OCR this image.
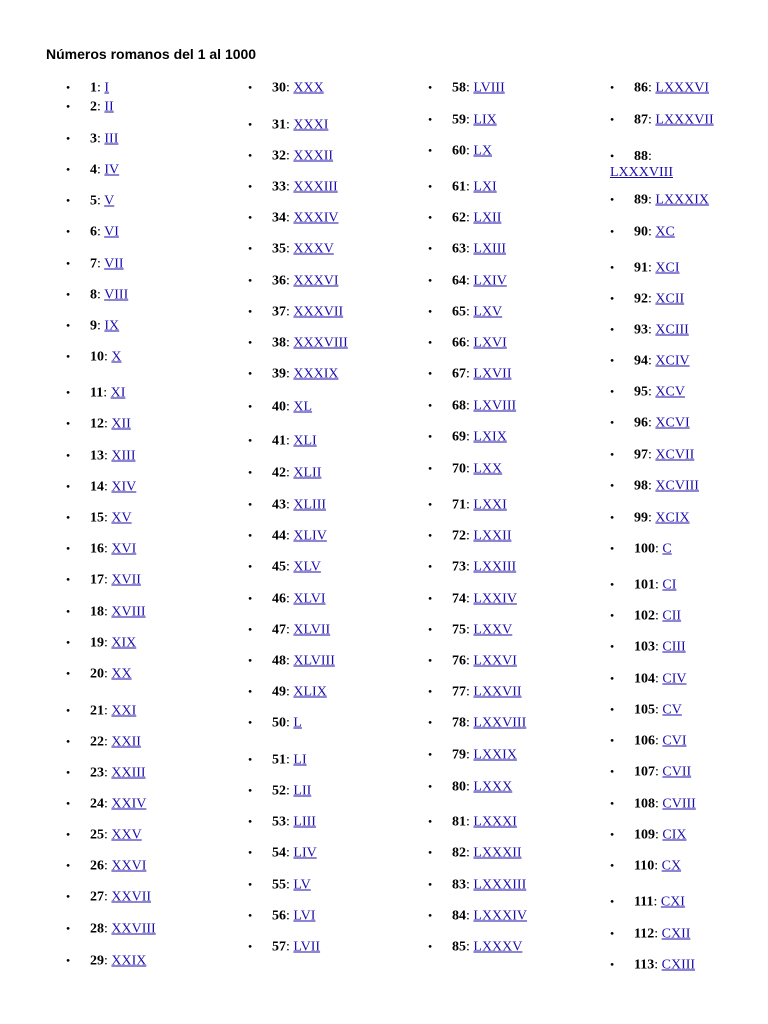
Números romanos del 1 al 1000
• 1: I
• 2: II
• 3: III
• 4: IV
• 5: V
• 6: VI
• 7: VII
• 8: VIII
• 9: IX
• 10: X
• 11: XI
• 12: XII
• 13: XIII
• 14: XIV
• 15: XV
• 16: XVI
• 17: XVII
• 18: XVIII
• 19: XIX
• 20: XX
• 21: XXI
• 22: XXII
• 23: XXIII
• 24: XXIV
• 25: XXV
• 26: XXVI
• 27: XXVII
• 28: XXVIII
• 29: XXIX
• 30: XXX
• 31: XXXI
• 32: XXXII
• 33: XXXIII
• 34: XXXIV
• 35: XXXV
• 36: XXXVI
• 37: XXXVII
• 38: XXXVIII
• 39: XXXIX
• 40: XL
• 41: XLI
• 42: XLII
• 43: XLIII
• 44: XLIV
• 45: XLV
• 46: XLVI
• 47: XLVII
• 48: XLVIII
• 49: XLIX
• 50: L
• 51: LI
• 52: LII
• 53: LIII
• 54: LIV
• 55: LV
• 56: LVI
• 57: LVII
• 58: LVIII
• 59: LIX
• 60: LX
• 61: LXI
• 62: LXII
• 63: LXIII
• 64: LXIV
• 65: LXV
• 66: LXVI
• 67: LXVII
• 68: LXVIII
• 69: LXIX
• 70: LXX
• 71: LXXI
• 72: LXXII
• 73: LXXIII
• 74: LXXIV
• 75: LXXV
• 76: LXXVI
• 77: LXXVII
• 78: LXXVIII
• 79: LXXIX
• 80: LXXX
• 81: LXXXI
• 82: LXXXII
• 83: LXXXIII
• 84: LXXXIV
• 85: LXXXV
• 86: LXXXVI
• 87: LXXXVII
• 88:
LXXXVIII
• 89: LXXXIX
• 90: XC
• 91: XCI
• 92: XCII
• 93: XCIII
• 94: XCIV
• 95: XCV
• 96: XCVI
• 97: XCVII
• 98: XCVIII
• 99: XCIX
• 100: C
• 101: CI
• 102: CII
• 103: CIII
• 104: CIV
• 105: CV
• 106: CVI
• 107: CVII
• 108: CVIII
• 109: CIX
• 110: CX
• 111: CXI
• 112: CXII
• 113: CXIII
